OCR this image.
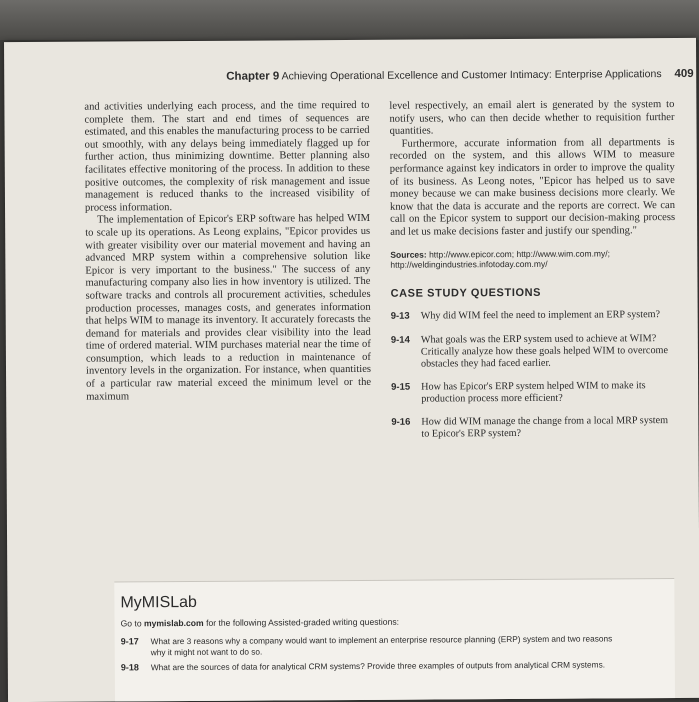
Chapter 9 Achieving Operational Excellence and Customer Intimacy: Enterprise Applications 409

and activities underlying each process, and the time required to complete them. The start and end times of sequences are estimated, and this enables the manufacturing process to be carried out smoothly, with any delays being immediately flagged up for further action, thus minimizing downtime. Better planning also facilitates effective monitoring of the process. In addition to these positive outcomes, the complexity of risk management and issue management is reduced thanks to the increased visibility of process information.

The implementation of Epicor's ERP software has helped WIM to scale up its operations. As Leong explains, "Epicor provides us with greater visibility over our material movement and having an advanced MRP system within a comprehensive solution like Epicor is very important to the business." The success of any manufacturing company also lies in how inventory is utilized. The software tracks and controls all procurement activities, schedules production processes, manages costs, and generates information that helps WIM to manage its inventory. It accurately forecasts the demand for materials and provides clear visibility into the lead time of ordered material. WIM purchases material near the time of consumption, which leads to a reduction in maintenance of inventory levels in the organization. For instance, when quantities of a particular raw material exceed the minimum level or the maximum

level respectively, an email alert is generated by the system to notify users, who can then decide whether to requisition further quantities.

Furthermore, accurate information from all departments is recorded on the system, and this allows WIM to measure performance against key indicators in order to improve the quality of its business. As Leong notes, "Epicor has helped us to save money because we can make business decisions more clearly. We know that the data is accurate and the reports are correct. We can call on the Epicor system to support our decision-making process and let us make decisions faster and justify our spending."

Sources: http://www.epicor.com; http://www.wim.com.my/; http://weldingindustries.infotoday.com.my/

CASE STUDY QUESTIONS

9-13	Why did WIM feel the need to implement an ERP system?
9-14	What goals was the ERP system used to achieve at WIM? Critically analyze how these goals helped WIM to overcome obstacles they had faced earlier.
9-15	How has Epicor's ERP system helped WIM to make its production process more efficient?
9-16	How did WIM manage the change from a local MRP system to Epicor's ERP system?
MyMISLab
Go to mymislab.com for the following Assisted-graded writing questions:
9-17	What are 3 reasons why a company would want to implement an enterprise resource planning (ERP) system and two reasons why it might not want to do so.
9-18	What are the sources of data for analytical CRM systems? Provide three examples of outputs from analytical CRM systems.
